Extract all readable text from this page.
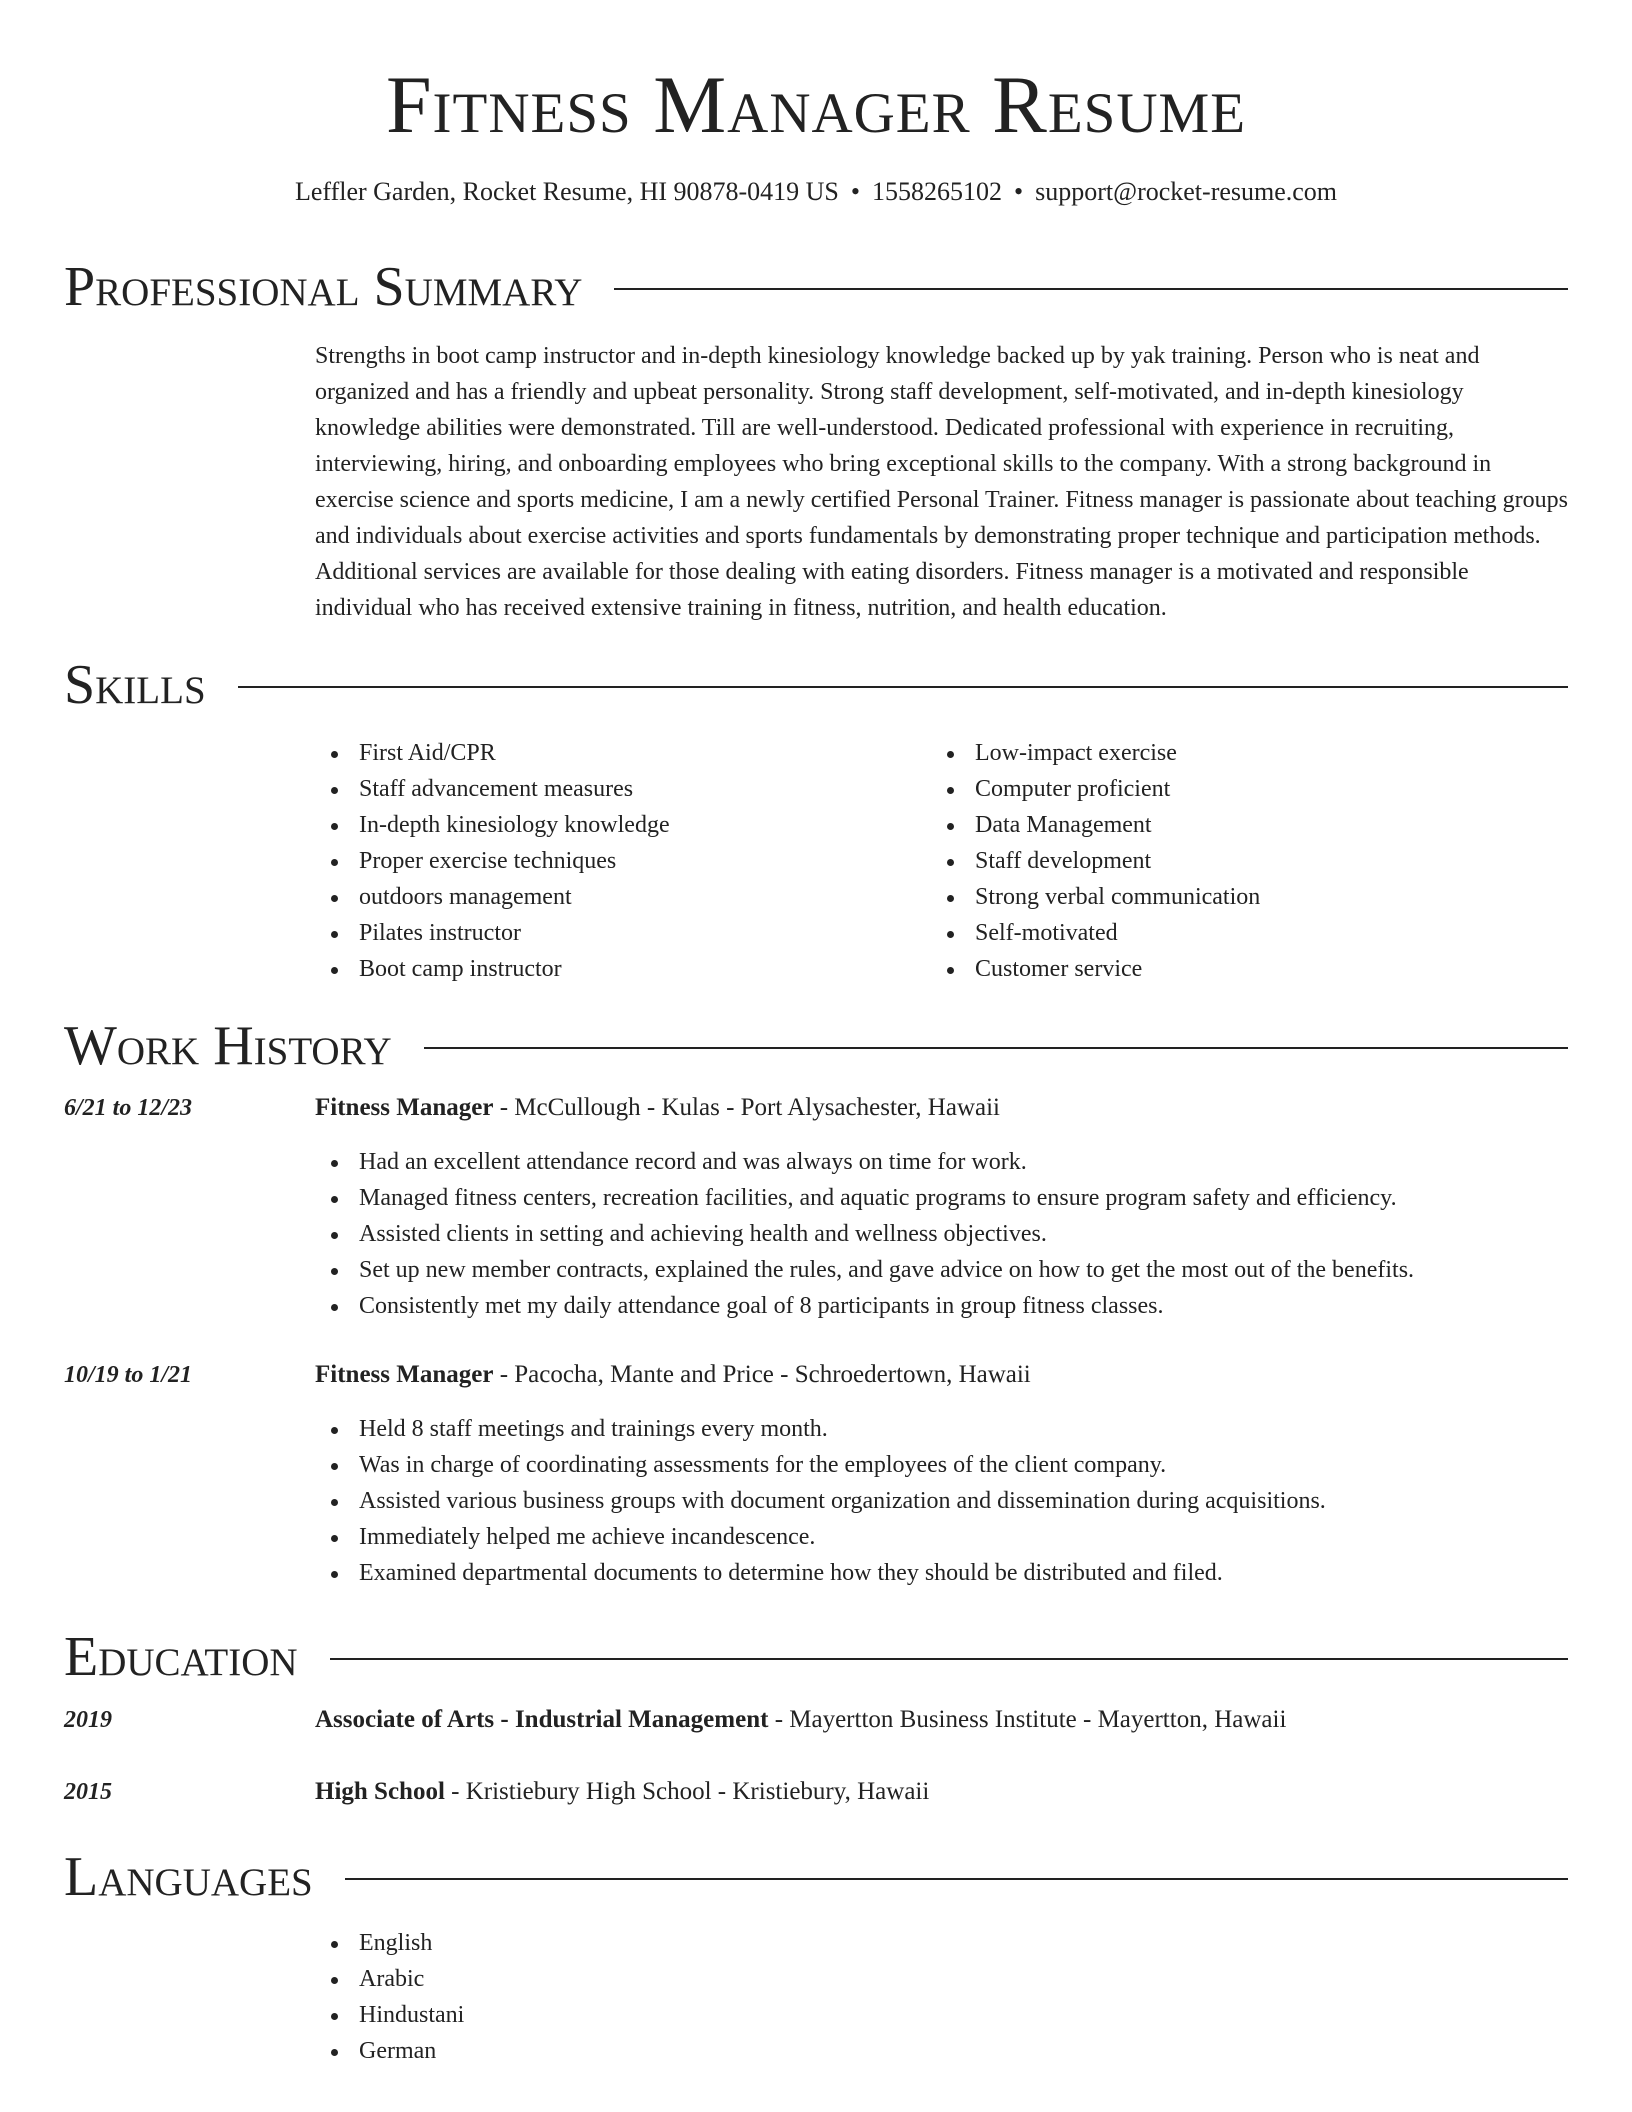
Fitness Manager Resume
Leffler Garden, Rocket Resume, HI 90878-0419 US • 1558265102 • support@rocket-resume.com
Professional Summary

Strengths in boot camp instructor and in-depth kinesiology knowledge backed up by yak training. Person who is neat and organized and has a friendly and upbeat personality. Strong staff development, self-motivated, and in-depth kinesiology knowledge abilities were demonstrated. Till are well-understood. Dedicated professional with experience in recruiting, interviewing, hiring, and onboarding employees who bring exceptional skills to the company. With a strong background in exercise science and sports medicine, I am a newly certified Personal Trainer. Fitness manager is passionate about teaching groups and individuals about exercise activities and sports fundamentals by demonstrating proper technique and participation methods. Additional services are available for those dealing with eating disorders. Fitness manager is a motivated and responsible individual who has received extensive training in fitness, nutrition, and health education.

Skills
First Aid/CPR
Staff advancement measures
In-depth kinesiology knowledge
Proper exercise techniques
outdoors management
Pilates instructor
Boot camp instructor
Low-impact exercise
Computer proficient
Data Management
Staff development
Strong verbal communication
Self-motivated
Customer service
Work History
6/21 to 12/23	Fitness Manager - McCullough - Kulas - Port Alysachester, Hawaii
Had an excellent attendance record and was always on time for work.
Managed fitness centers, recreation facilities, and aquatic programs to ensure program safety and efficiency.
Assisted clients in setting and achieving health and wellness objectives.
Set up new member contracts, explained the rules, and gave advice on how to get the most out of the benefits.
Consistently met my daily attendance goal of 8 participants in group fitness classes.
10/19 to 1/21	Fitness Manager - Pacocha, Mante and Price - Schroedertown, Hawaii
Held 8 staff meetings and trainings every month.
Was in charge of coordinating assessments for the employees of the client company.
Assisted various business groups with document organization and dissemination during acquisitions.
Immediately helped me achieve incandescence.
Examined departmental documents to determine how they should be distributed and filed.
Education
2019	Associate of Arts - Industrial Management - Mayertton Business Institute - Mayertton, Hawaii
2015	High School - Kristiebury High School - Kristiebury, Hawaii
Languages
English
Arabic
Hindustani
German
